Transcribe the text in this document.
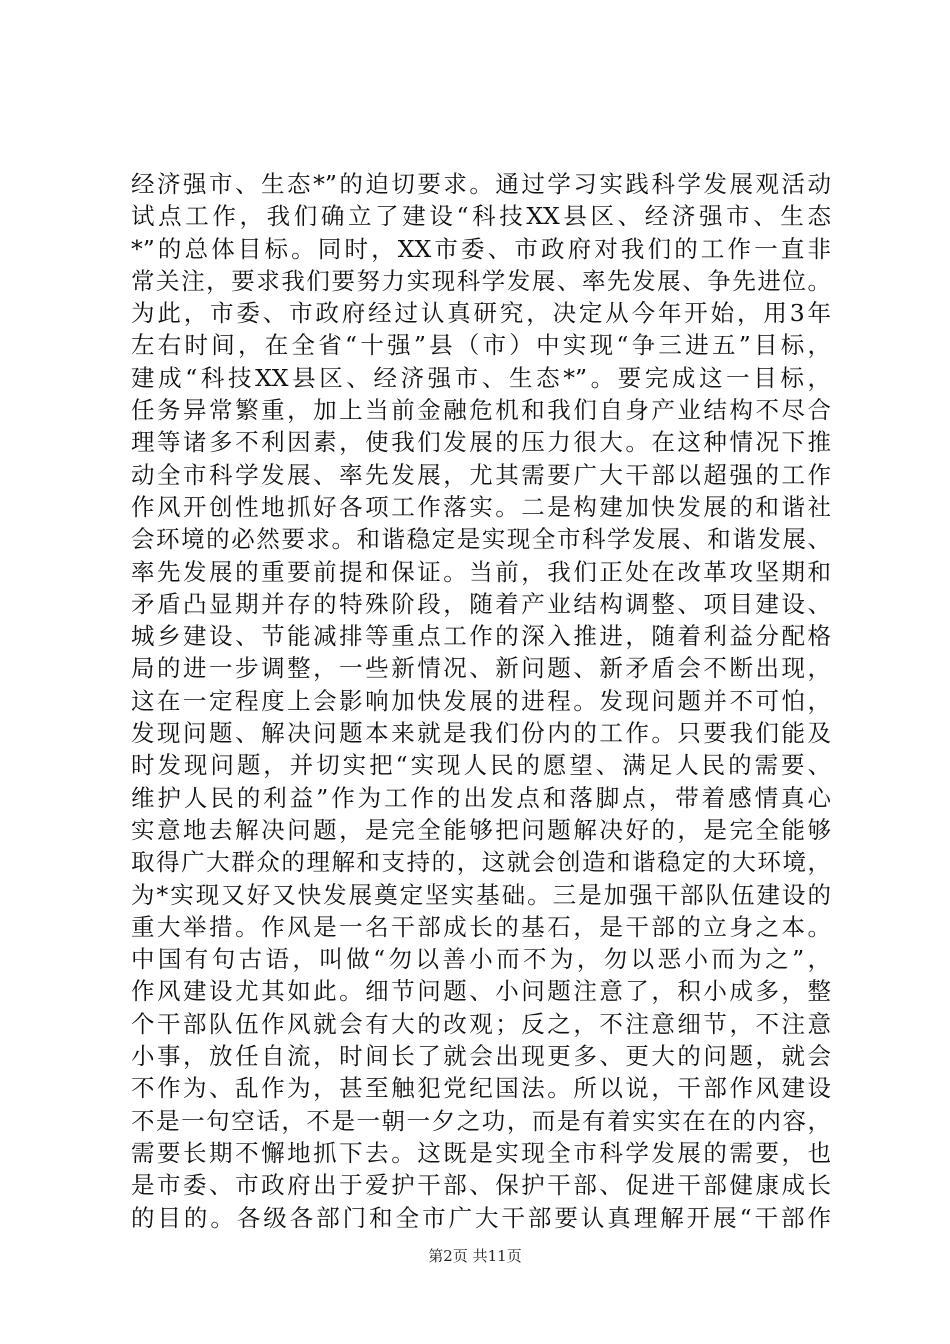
经济强市、生态*”的迫切要求。通过学习实践科学发展观活动
试点工作，我们确立了建设“科技XX县区、经济强市、生态
*”的总体目标。同时，XX市委、市政府对我们的工作一直非
常关注，要求我们要努力实现科学发展、率先发展、争先进位。
为此，市委、市政府经过认真研究，决定从今年开始，用3年
左右时间，在全省“十强”县（市）中实现“争三进五”目标，
建成“科技XX县区、经济强市、生态*”。要完成这一目标，
任务异常繁重，加上当前金融危机和我们自身产业结构不尽合
理等诸多不利因素，使我们发展的压力很大。在这种情况下推
动全市科学发展、率先发展，尤其需要广大干部以超强的工作
作风开创性地抓好各项工作落实。二是构建加快发展的和谐社
会环境的必然要求。和谐稳定是实现全市科学发展、和谐发展、
率先发展的重要前提和保证。当前，我们正处在改革攻坚期和
矛盾凸显期并存的特殊阶段，随着产业结构调整、项目建设、
城乡建设、节能减排等重点工作的深入推进，随着利益分配格
局的进一步调整，一些新情况、新问题、新矛盾会不断出现，
这在一定程度上会影响加快发展的进程。发现问题并不可怕，
发现问题、解决问题本来就是我们份内的工作。只要我们能及
时发现问题，并切实把“实现人民的愿望、满足人民的需要、
维护人民的利益”作为工作的出发点和落脚点，带着感情真心
实意地去解决问题，是完全能够把问题解决好的，是完全能够
取得广大群众的理解和支持的，这就会创造和谐稳定的大环境，
为*实现又好又快发展奠定坚实基础。三是加强干部队伍建设的
重大举措。作风是一名干部成长的基石，是干部的立身之本。
中国有句古语，叫做“勿以善小而不为，勿以恶小而为之”，
作风建设尤其如此。细节问题、小问题注意了，积小成多，整
个干部队伍作风就会有大的改观；反之，不注意细节，不注意
小事，放任自流，时间长了就会出现更多、更大的问题，就会
不作为、乱作为，甚至触犯党纪国法。所以说，干部作风建设
不是一句空话，不是一朝一夕之功，而是有着实实在在的内容，
需要长期不懈地抓下去。这既是实现全市科学发展的需要，也
是市委、市政府出于爱护干部、保护干部、促进干部健康成长
的目的。各级各部门和全市广大干部要认真理解开展“干部作
第2页 共11页
